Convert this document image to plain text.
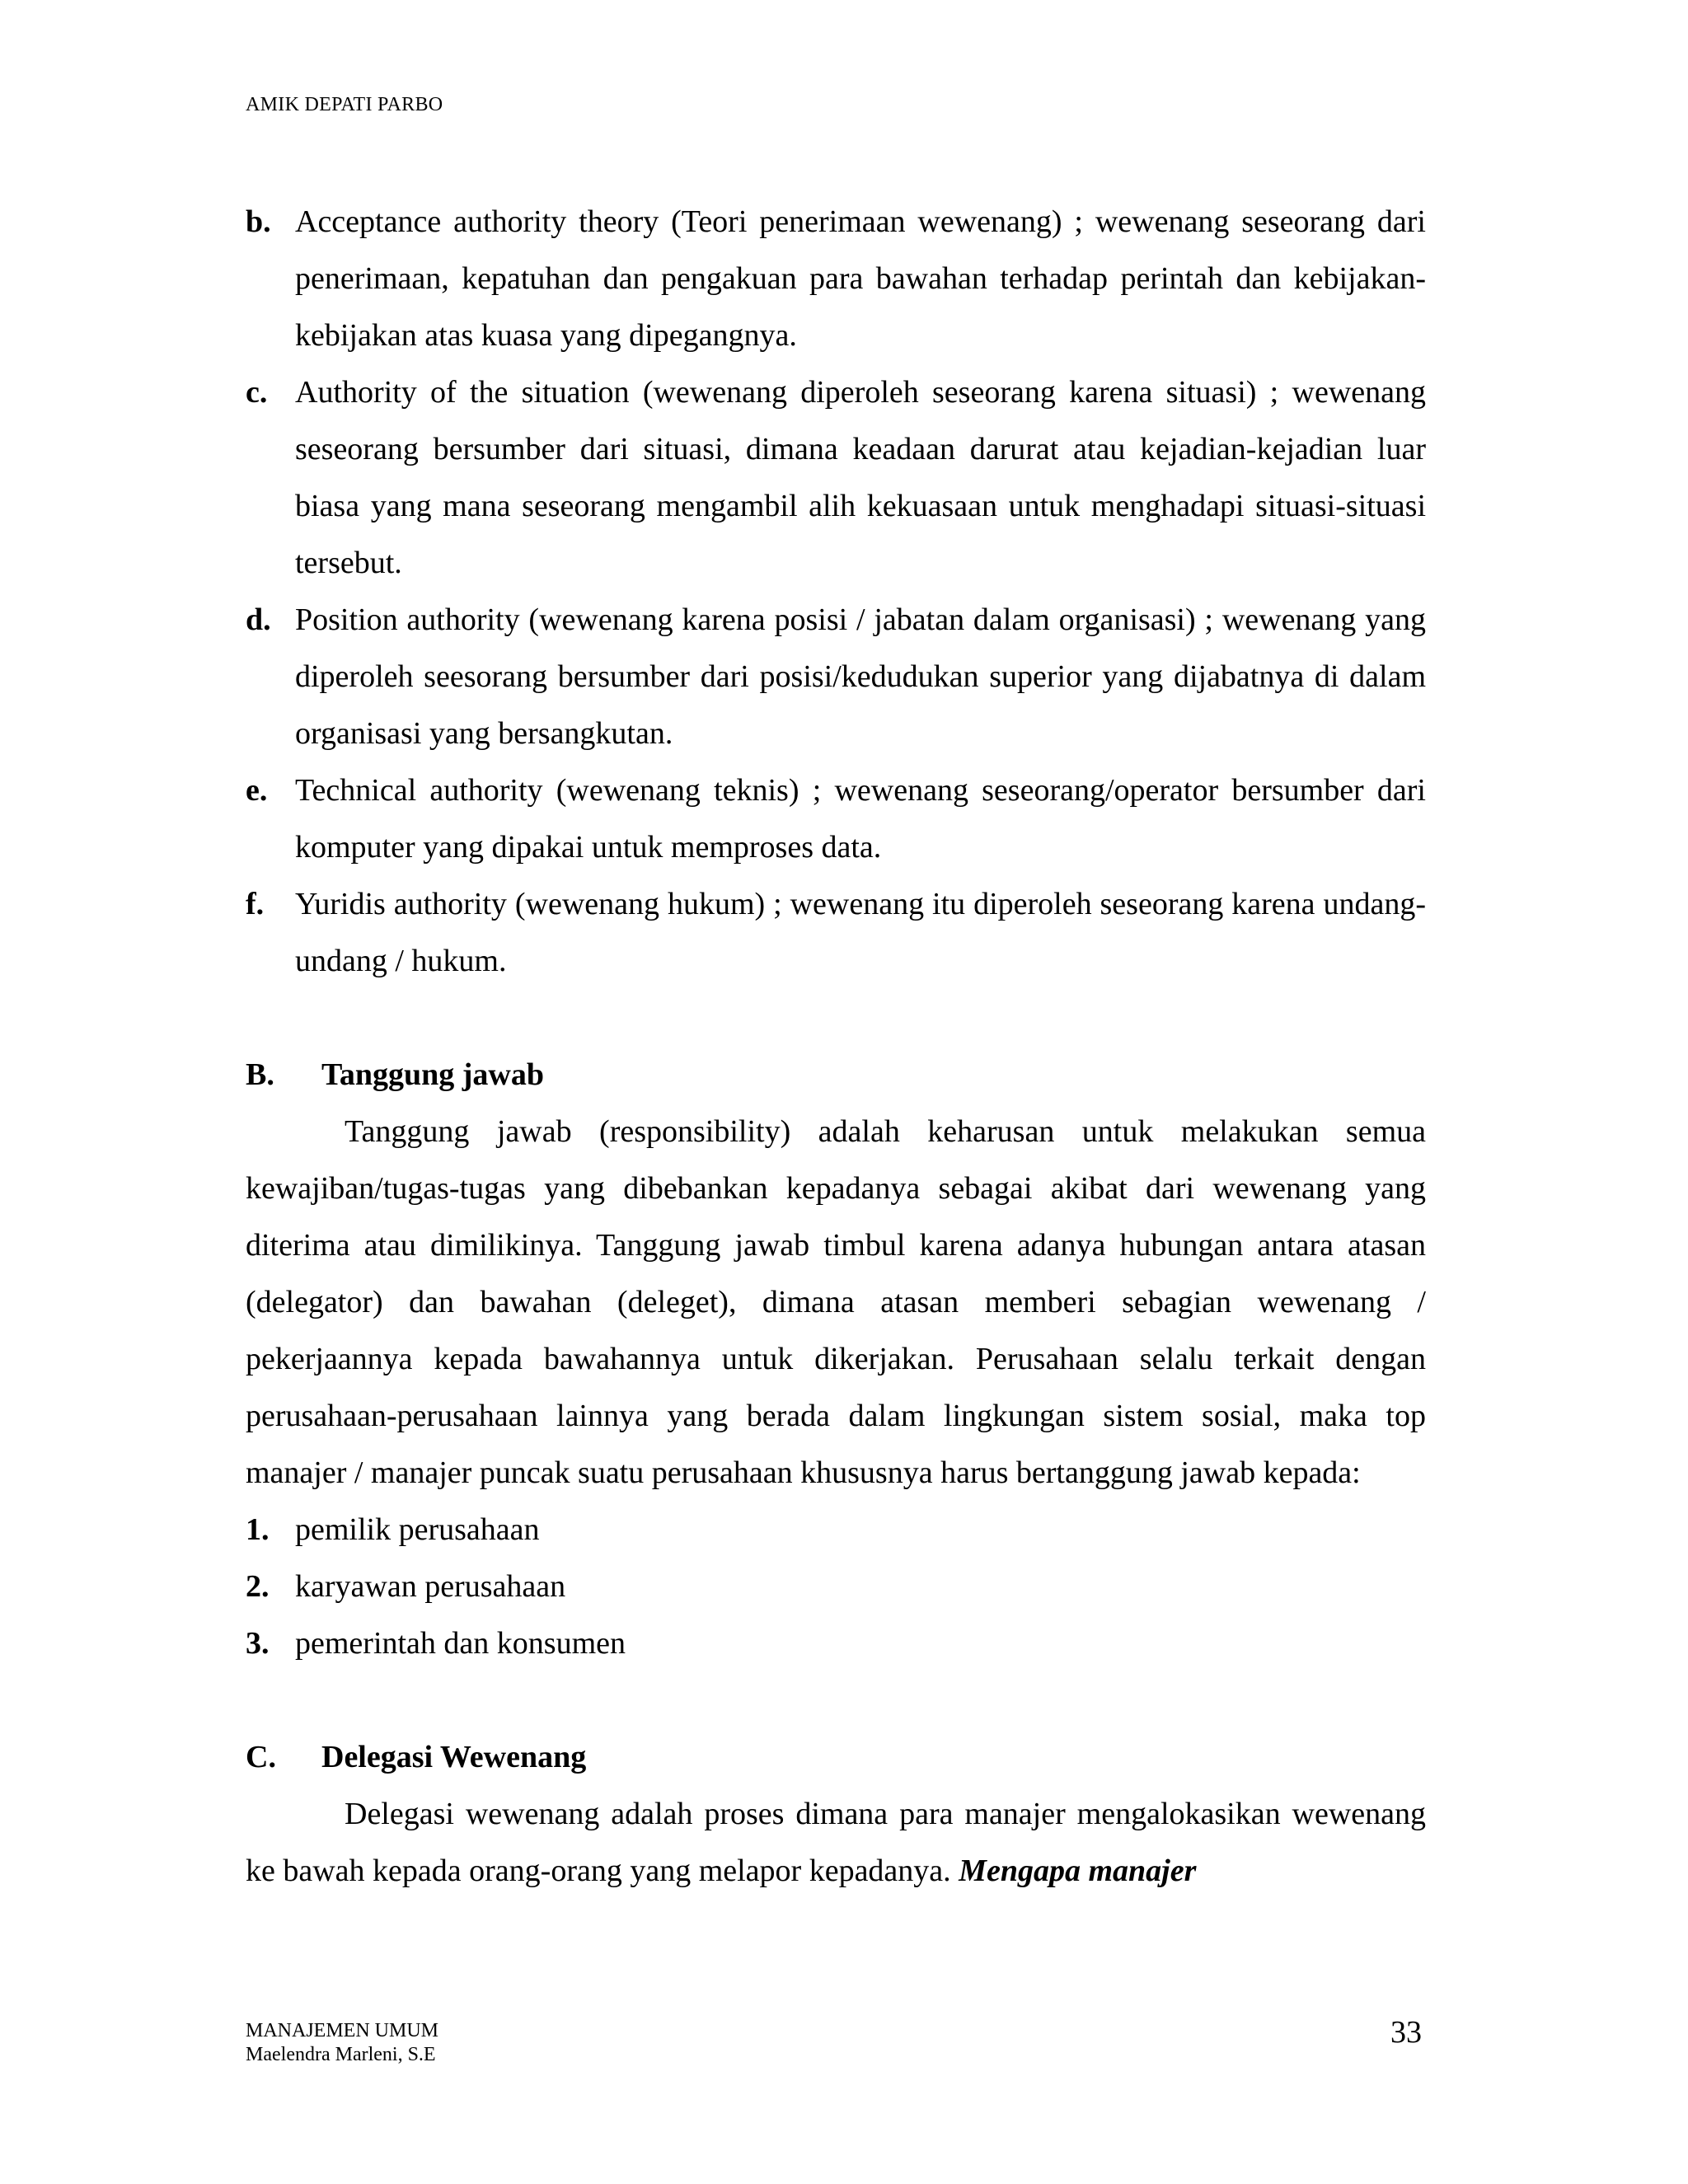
AMIK DEPATI PARBO
b. Acceptance authority theory (Teori penerimaan wewenang) ; wewenang seseorang dari penerimaan, kepatuhan dan pengakuan para bawahan terhadap perintah dan kebijakan-kebijakan atas kuasa yang dipegangnya.
c. Authority of the situation (wewenang diperoleh seseorang karena situasi) ; wewenang seseorang bersumber dari situasi, dimana keadaan darurat atau kejadian-kejadian luar biasa yang mana seseorang mengambil alih kekuasaan untuk menghadapi situasi-situasi tersebut.
d. Position authority (wewenang karena posisi / jabatan dalam organisasi) ; wewenang yang diperoleh seesorang bersumber dari posisi/kedudukan superior yang dijabatnya di dalam organisasi yang bersangkutan.
e. Technical authority (wewenang teknis) ; wewenang seseorang/operator bersumber dari komputer yang dipakai untuk memproses data.
f. Yuridis authority (wewenang hukum) ; wewenang itu diperoleh seseorang karena undang-undang / hukum.
B.	Tanggung jawab

Tanggung jawab (responsibility) adalah keharusan untuk melakukan semua kewajiban/tugas-tugas yang dibebankan kepadanya sebagai akibat dari wewenang yang diterima atau dimilikinya. Tanggung jawab timbul karena adanya hubungan antara atasan (delegator) dan bawahan (deleget), dimana atasan memberi sebagian wewenang / pekerjaannya kepada bawahannya untuk dikerjakan. Perusahaan selalu terkait dengan perusahaan-perusahaan lainnya yang berada dalam lingkungan sistem sosial, maka top manajer / manajer puncak suatu perusahaan khususnya harus bertanggung jawab kepada:

1. pemilik perusahaan
2. karyawan perusahaan
3. pemerintah dan konsumen
C.	Delegasi Wewenang

Delegasi wewenang adalah proses dimana para manajer mengalokasikan wewenang ke bawah kepada orang-orang yang melapor kepadanya. Mengapa manajer

MANAJEMEN UMUM
Maelendra Marleni, S.E
33
